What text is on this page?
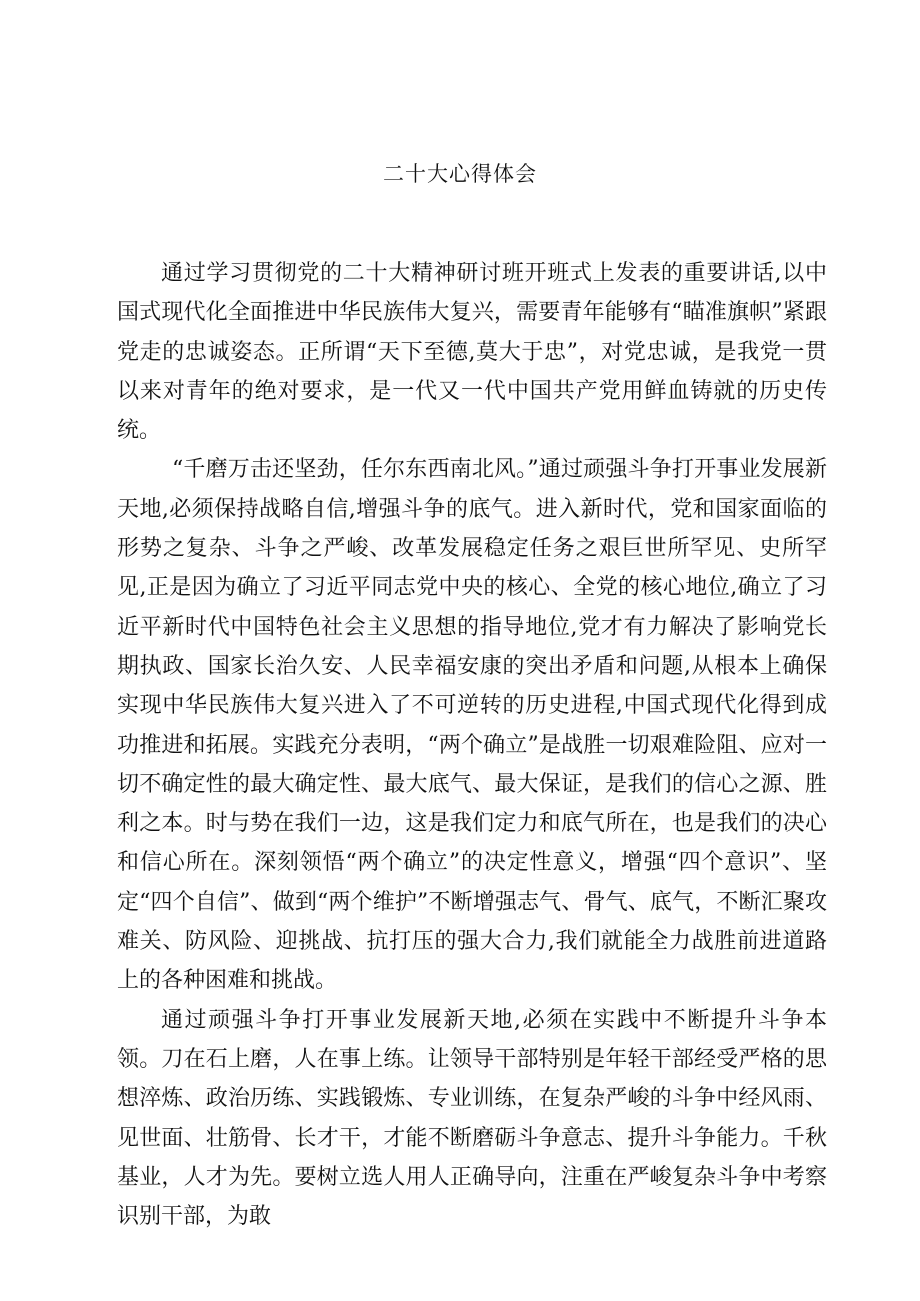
二十大心得体会

通过学习贯彻党的二十大精神研讨班开班式上发表的重要讲话,以中国式现代化全面推进中华民族伟大复兴，需要青年能够有“瞄准旗帜”紧跟党走的忠诚姿态。正所谓“天下至德,莫大于忠”，对党忠诚，是我党一贯以来对青年的绝对要求，是一代又一代中国共产党用鲜血铸就的历史传统。

“千磨万击还坚劲，任尔东西南北风。”通过顽强斗争打开事业发展新天地,必须保持战略自信,增强斗争的底气。进入新时代，党和国家面临的形势之复杂、斗争之严峻、改革发展稳定任务之艰巨世所罕见、史所罕见,正是因为确立了习近平同志党中央的核心、全党的核心地位,确立了习近平新时代中国特色社会主义思想的指导地位,党才有力解决了影响党长期执政、国家长治久安、人民幸福安康的突出矛盾和问题,从根本上确保实现中华民族伟大复兴进入了不可逆转的历史进程,中国式现代化得到成功推进和拓展。实践充分表明，“两个确立”是战胜一切艰难险阻、应对一切不确定性的最大确定性、最大底气、最大保证，是我们的信心之源、胜利之本。时与势在我们一边，这是我们定力和底气所在，也是我们的决心和信心所在。深刻领悟“两个确立”的决定性意义，增强“四个意识”、坚定“四个自信”、做到“两个维护”不断增强志气、骨气、底气，不断汇聚攻难关、防风险、迎挑战、抗打压的强大合力,我们就能全力战胜前进道路上的各种困难和挑战。

通过顽强斗争打开事业发展新天地,必须在实践中不断提升斗争本领。刀在石上磨，人在事上练。让领导干部特别是年轻干部经受严格的思想淬炼、政治历练、实践锻炼、专业训练，在复杂严峻的斗争中经风雨、见世面、壮筋骨、长才干，才能不断磨砺斗争意志、提升斗争能力。千秋基业，人才为先。要树立选人用人正确导向，注重在严峻复杂斗争中考察识别干部，为敢
